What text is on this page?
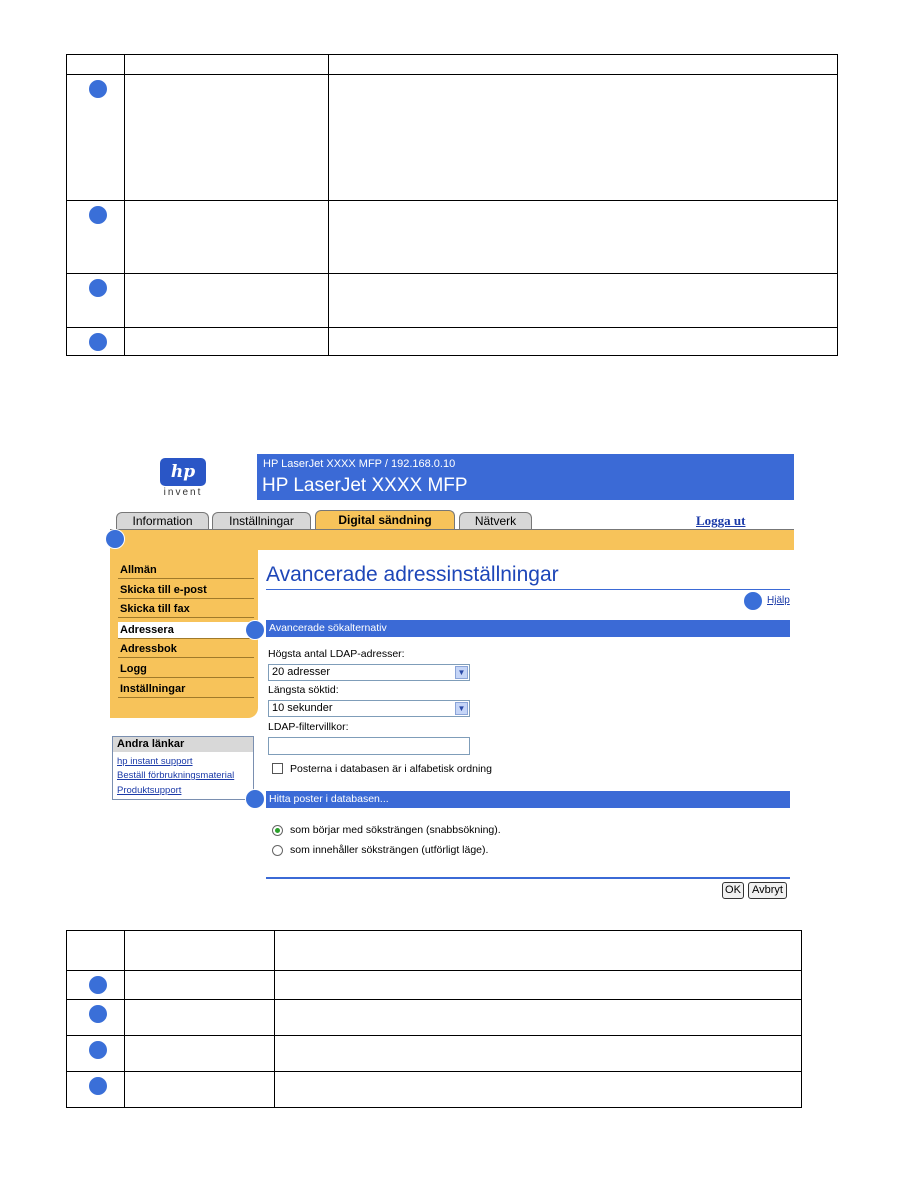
hp
invent
HP LaserJet XXXX MFP / 192.168.0.10
HP LaserJet XXXX MFP
Information	Inställningar	Digital sändning	Nätverk	Logga ut
Allmän
Skicka till e-post
Skicka till fax
Adressera
Adressbok
Logg
Inställningar
Andra länkar
hp instant support
Beställ förbrukningsmaterial
Produktsupport
Avancerade adressinställningar
Hjälp
Avancerade sökalternativ
Högsta antal LDAP-adresser:
20 adresser	▼
Längsta söktid:
10 sekunder	▼
LDAP-filtervillkor:
Posterna i databasen är i alfabetisk ordning
Hitta poster i databasen...
som börjar med söksträngen (snabbsökning).
som innehåller söksträngen (utförligt läge).
OK	Avbryt
